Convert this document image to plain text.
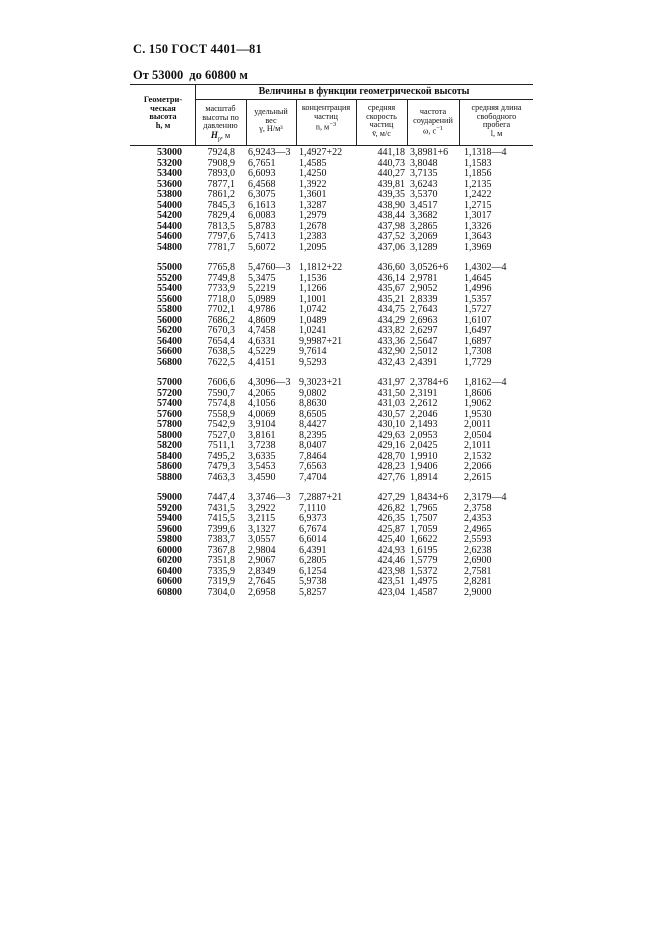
С. 150 ГОСТ 4401—81
От 53000 до 60800 м
Величины в функции геометрической высоты
Геометри-
ческая
высота
h, м
масштаб
высоты по
давлению
$H_p$, м
удельный
вес
γ, Н/м³
концентрация
частиц
n, $м^{-3}$
средняя
скорость
частиц
v̄, м/с
частота
соударений
ω, $с^{-1}$
средняя длина
свободного
пробега
l, м
53000
53200
53400
53600
53800
54000
54200
54400
54600
54800
55000
55200
55400
55600
55800
56000
56200
56400
56600
56800
57000
57200
57400
57600
57800
58000
58200
58400
58600
58800
59000
59200
59400
59600
59800
60000
60200
60400
60600
60800
7924,8
7908,9
7893,0
7877,1
7861,2
7845,3
7829,4
7813,5
7797,6
7781,7
7765,8
7749,8
7733,9
7718,0
7702,1
7686,2
7670,3
7654,4
7638,5
7622,5
7606,6
7590,7
7574,8
7558,9
7542,9
7527,0
7511,1
7495,2
7479,3
7463,3
7447,4
7431,5
7415,5
7399,6
7383,7
7367,8
7351,8
7335,9
7319,9
7304,0
6,9243—3
6,7651
6,6093
6,4568
6,3075
6,1613
6,0083
5,8783
5,7413
5,6072
5,4760—3
5,3475
5,2219
5,0989
4,9786
4,8609
4,7458
4,6331
4,5229
4,4151
4,3096—3
4,2065
4,1056
4,0069
3,9104
3,8161
3,7238
3,6335
3,5453
3,4590
3,3746—3
3,2922
3,2115
3,1327
3,0557
2,9804
2,9067
2,8349
2,7645
2,6958
1,4927+22
1,4585
1,4250
1,3922
1,3601
1,3287
1,2979
1,2678
1,2383
1,2095
1,1812+22
1,1536
1,1266
1,1001
1,0742
1,0489
1,0241
9,9987+21
9,7614
9,5293
9,3023+21
9,0802
8,8630
8,6505
8,4427
8,2395
8,0407
7,8464
7,6563
7,4704
7,2887+21
7,1110
6,9373
6,7674
6,6014
6,4391
6,2805
6,1254
5,9738
5,8257
441,18
440,73
440,27
439,81
439,35
438,90
438,44
437,98
437,52
437,06
436,60
436,14
435,67
435,21
434,75
434,29
433,82
433,36
432,90
432,43
431,97
431,50
431,03
430,57
430,10
429,63
429,16
428,70
428,23
427,76
427,29
426,82
426,35
425,87
425,40
424,93
424,46
423,98
423,51
423,04
3,8981+6
3,8048
3,7135
3,6243
3,5370
3,4517
3,3682
3,2865
3,2069
3,1289
3,0526+6
2,9781
2,9052
2,8339
2,7643
2,6963
2,6297
2,5647
2,5012
2,4391
2,3784+6
2,3191
2,2612
2,2046
2,1493
2,0953
2,0425
1,9910
1,9406
1,8914
1,8434+6
1,7965
1,7507
1,7059
1,6622
1,6195
1,5779
1,5372
1,4975
1,4587
1,1318—4
1,1583
1,1856
1,2135
1,2422
1,2715
1,3017
1,3326
1,3643
1,3969
1,4302—4
1,4645
1,4996
1,5357
1,5727
1,6107
1,6497
1,6897
1,7308
1,7729
1,8162—4
1,8606
1,9062
1,9530
2,0011
2,0504
2,1011
2,1532
2,2066
2,2615
2,3179—4
2,3758
2,4353
2,4965
2,5593
2,6238
2,6900
2,7581
2,8281
2,9000
